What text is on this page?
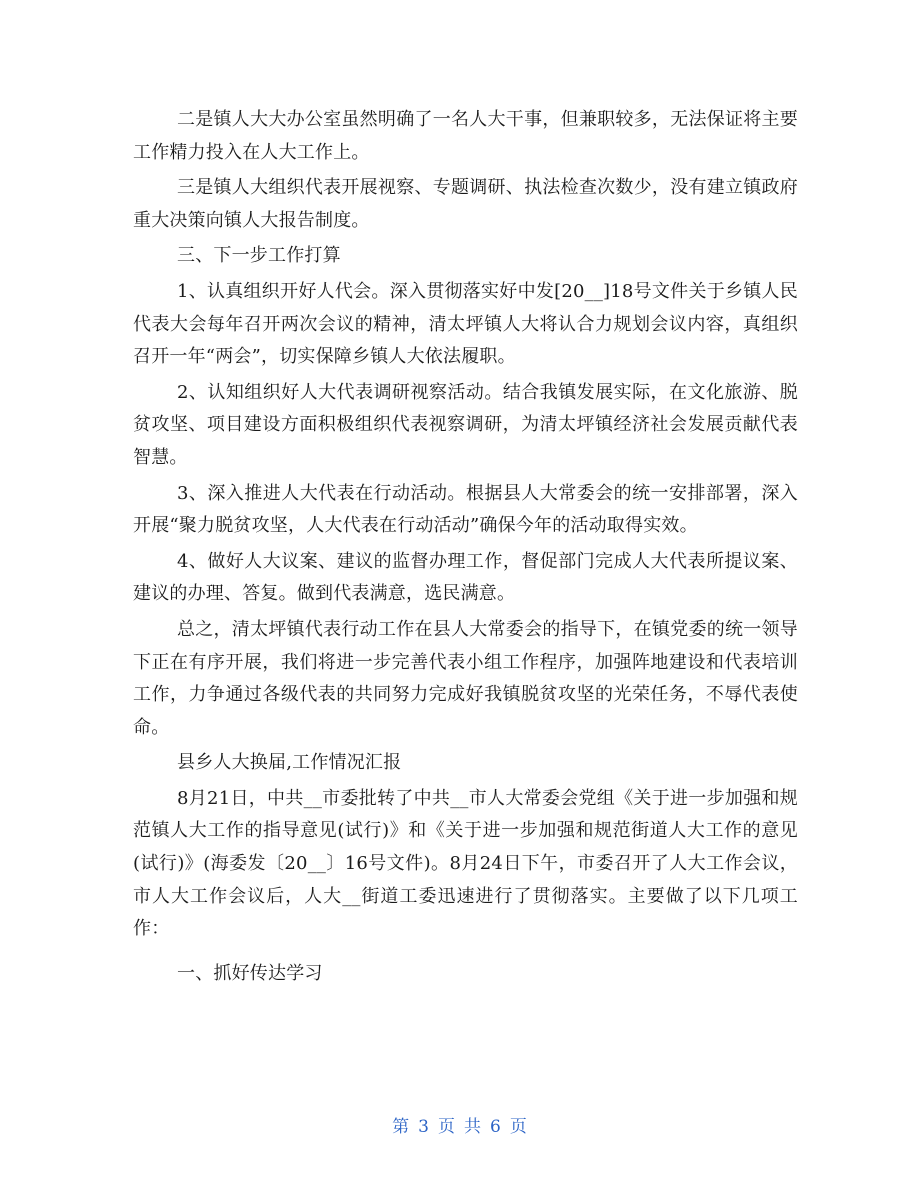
二是镇人大大办公室虽然明确了一名人大干事，但兼职较多，无法保证将主要工作精力投入在人大工作上。

三是镇人大组织代表开展视察、专题调研、执法检查次数少，没有建立镇政府重大决策向镇人大报告制度。

三、下一步工作打算

1、认真组织开好人代会。深入贯彻落实好中发[20__]18号文件关于乡镇人民代表大会每年召开两次会议的精神，清太坪镇人大将认合力规划会议内容，真组织召开一年“两会”，切实保障乡镇人大依法履职。

2、认知组织好人大代表调研视察活动。结合我镇发展实际，在文化旅游、脱贫攻坚、项目建设方面积极组织代表视察调研，为清太坪镇经济社会发展贡献代表智慧。

3、深入推进人大代表在行动活动。根据县人大常委会的统一安排部署，深入开展“聚力脱贫攻坚，人大代表在行动活动”确保今年的活动取得实效。

4、做好人大议案、建议的监督办理工作，督促部门完成人大代表所提议案、建议的办理、答复。做到代表满意，选民满意。

总之，清太坪镇代表行动工作在县人大常委会的指导下，在镇党委的统一领导下正在有序开展，我们将进一步完善代表小组工作程序，加强阵地建设和代表培训工作，力争通过各级代表的共同努力完成好我镇脱贫攻坚的光荣任务，不辱代表使命。

县乡人大换届,工作情况汇报

8月21日，中共__市委批转了中共__市人大常委会党组《关于进一步加强和规范镇人大工作的指导意见(试行)》和《关于进一步加强和规范街道人大工作的意见(试行)》(海委发〔20__〕16号文件)。8月24日下午，市委召开了人大工作会议，市人大工作会议后，人大__街道工委迅速进行了贯彻落实。主要做了以下几项工作：

一、抓好传达学习

第 3 页 共 6 页
